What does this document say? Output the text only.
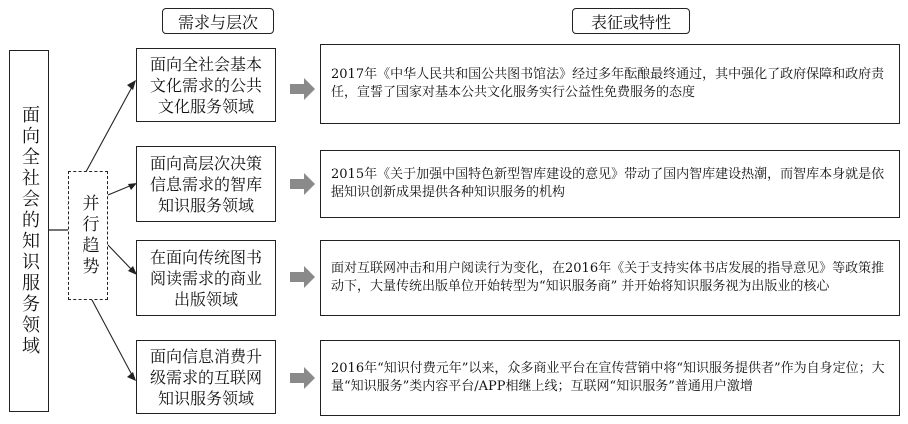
需求与层次	表征或特性
面向全社会的知识服务领域 并行趋势
面向全社会基本文化需求的公共文化服务领域
2017年《中华人民共和国公共图书馆法》经过多年酝酿最终通过，其中强化了政府保障和政府责任，宣誓了国家对基本公共文化服务实行公益性免费服务的态度
面向高层次决策信息需求的智库知识服务领域
2015年《关于加强中国特色新型智库建设的意见》带动了国内智库建设热潮，而智库本身就是依据知识创新成果提供各种知识服务的机构
在面向传统图书阅读需求的商业出版领域
面对互联网冲击和用户阅读行为变化，在2016年《关于支持实体书店发展的指导意见》等政策推动下，大量传统出版单位开始转型为“知识服务商” 并开始将知识服务视为出版业的核心
面向信息消费升级需求的互联网知识服务领域
2016年“知识付费元年”以来，众多商业平台在宣传营销中将“知识服务提供者”作为自身定位；大量“知识服务”类内容平台/APP相继上线；互联网“知识服务”普通用户激增
